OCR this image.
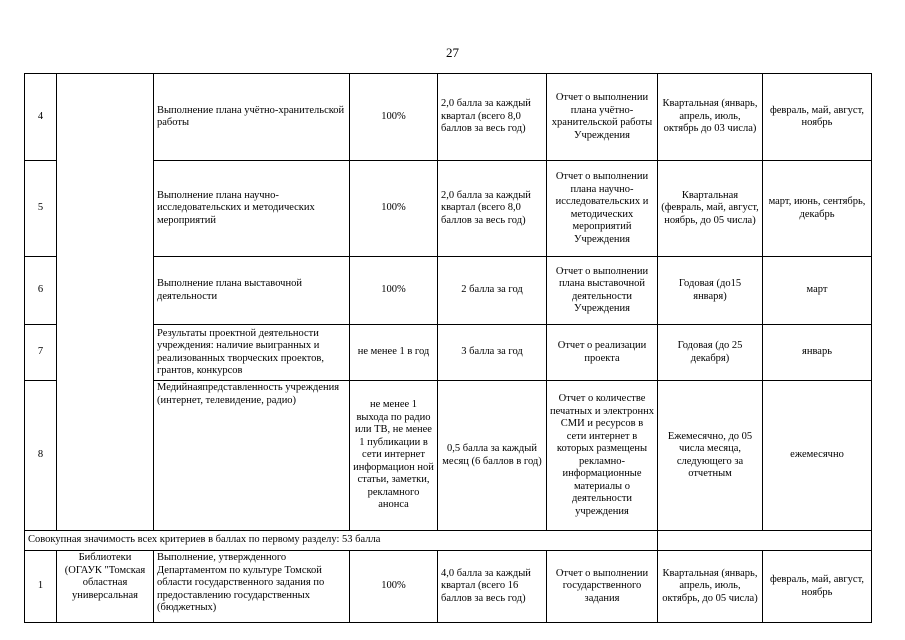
27
4		Выполнение плана учётно-хранительской работы	100%	2,0 балла за каждый квартал (всего 8,0 баллов за весь год)	Отчет о выполнении плана учётно-хранительской работы Учреждения	Квартальная (январь, апрель, июль, октябрь до 03 числа)	февраль, май, август, ноябрь
5		Выполнение плана научно-исследовательских и методических мероприятий	100%	2,0 балла за каждый квартал (всего 8,0 баллов за весь год)	Отчет о выполнении плана научно-исследовательских и методических мероприятий Учреждения	Квартальная (февраль, май, август, ноябрь, до 05 числа)	март, июнь, сентябрь, декабрь
6		Выполнение плана выставочной деятельности	100%	2 балла за год	Отчет о выполнении плана выставочной деятельности Учреждения	Годовая (до15 января)	март
7		Результаты проектной деятельности учреждения: наличие выигранных и реализованных творческих проектов, грантов, конкурсов	не менее 1 в год	3 балла за год	Отчет о реализации проекта	Годовая (до 25 декабря)	январь
8		Медийнаяпредставленность учреждения (интернет, телевидение, радио)	не менее 1 выхода по радио или ТВ, не менее 1 публикации в сети интернет информацион ной статьи, заметки, рекламного анонса	0,5 балла за каждый месяц (6 баллов в год)	Отчет о количестве печатных и электроннх СМИ и ресурсов в сети интернет в которых размещены рекламно-информационные материалы о деятельности учреждения	Ежемесячно, до 05 числа месяца, следующего за отчетным	ежемесячно
Совокупная значимость всех критериев в баллах по первому разделу: 53 балла							
1	Библиотеки (ОГАУК "Томская областная универсальная	Выполнение, утвержденного Департаментом по культуре Томской области государственного задания по предоставлению государственных (бюджетных)	100%	4,0 балла за каждый квартал (всего 16 баллов за весь год)	Отчет о выполнении государственного задания	Квартальная (январь, апрель, июль, октябрь, до 05 числа)	февраль, май, август, ноябрь
